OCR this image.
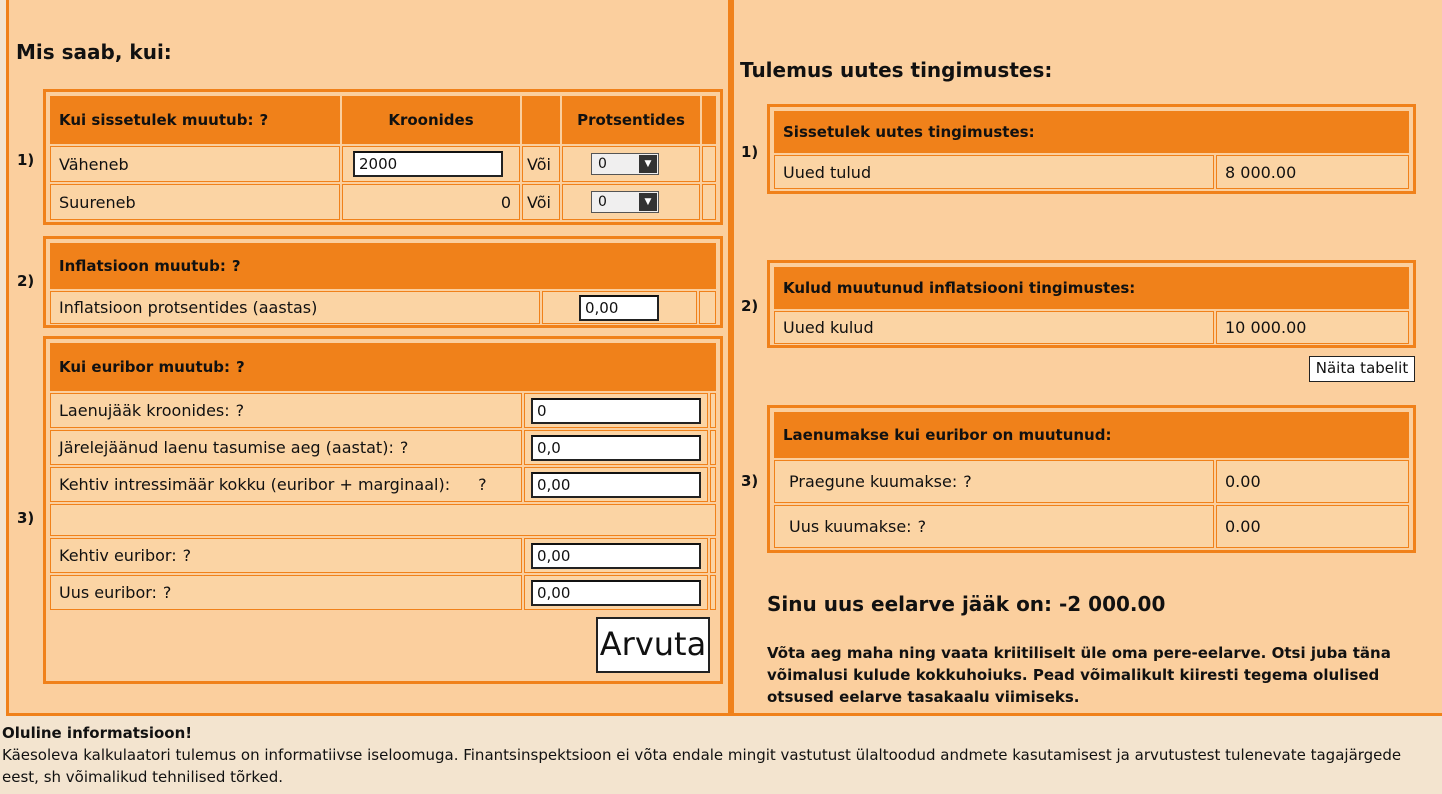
Mis saab, kui:
1)
Kui sissetulek muutub: ?	Kroonides		Protsentides	
Väheneb	2000	Või	0 ▼	

Suureneb	0	Või	0 ▼	

2)
Inflatsioon muutub: ?
Inflatsioon protsentides (aastas)	0,00	
3)
Kui euribor muutub: ?		
Laenujääk kroonides: ?	0	
Järelejäänud laenu tasumise aeg (aastat): ?	0,0	
Kehtiv intressimäär kokku (euribor + marginaal): ?	0,00	

Kehtiv euribor: ?	0,00	
Uus euribor: ?	0,00	
Arvuta
Tulemus uutes tingimustes:
1)
Sissetulek uutes tingimustes:
Uued tulud	8 000.00
2)
Kulud muutunud inflatsiooni tingimustes:
Uued kulud	10 000.00
Näita tabelit
3)
Laenumakse kui euribor on muutunud:	
Praegune kuumakse: ?	0.00
Uus kuumakse: ?	0.00
Sinu uus eelarve jääk on: -2 000.00
Võta aeg maha ning vaata kriitiliselt üle oma pere-eelarve. Otsi juba täna võimalusi kulude kokkuhoiuks. Pead võimalikult kiiresti tegema olulised otsused eelarve tasakaalu viimiseks.
Oluline informatsioon!
Käesoleva kalkulaatori tulemus on informatiivse iseloomuga. Finantsinspektsioon ei võta endale mingit vastutust ülaltoodud andmete kasutamisest ja arvutustest tulenevate tagajärgede eest, sh võimalikud tehnilised tõrked.
